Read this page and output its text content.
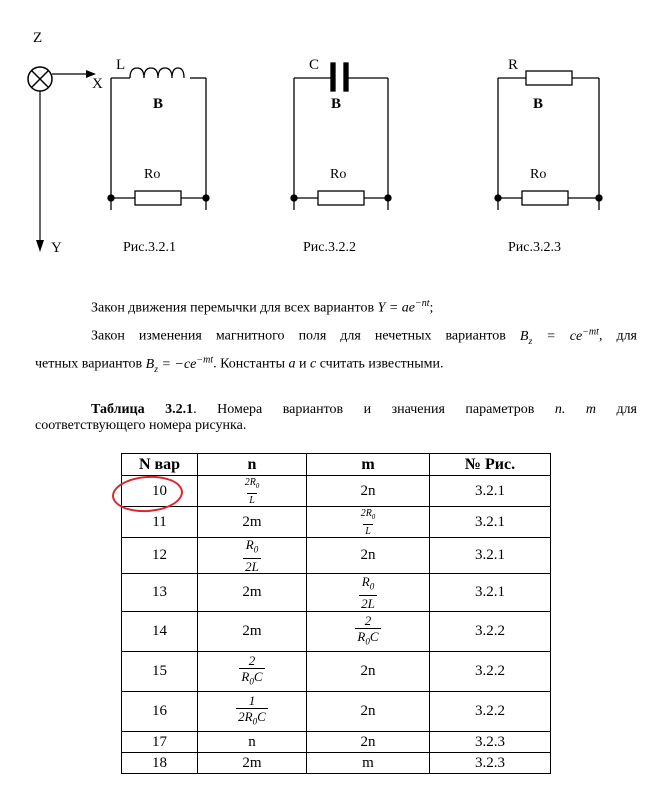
Z
X
Y
L
B
Ro
Рис.3.2.1
C
B
Ro
Рис.3.2.2
R
B
Ro
Рис.3.2.3
Закон движения перемычки для всех вариантов $Y = ae^{-nt}$;
Закон изменения магнитного поля для нечетных вариантов $B_z = ce^{-mt}$, для
четных вариантов $B_z = -ce^{-mt}$. Константы a и c считать известными.
Таблица 3.2.1. Номера вариантов и значения параметров n. m для
соответствующего номера рисунка.
N вар	n	m	№ Рис.
10	$\frac{2R_0}{L}$	2n	3.2.1
11	2m	$\frac{2R_0}{L}$	3.2.1
12	$\frac{R_0}{2L}$	2n	3.2.1
13	2m	$\frac{R_0}{2L}$	3.2.1
14	2m	$\frac{2}{R_0C}$	3.2.2
15	$\frac{2}{R_0C}$	2n	3.2.2
16	$\frac{1}{2R_0C}$	2n	3.2.2
17	n	2n	3.2.3
18	2m	m	3.2.3
